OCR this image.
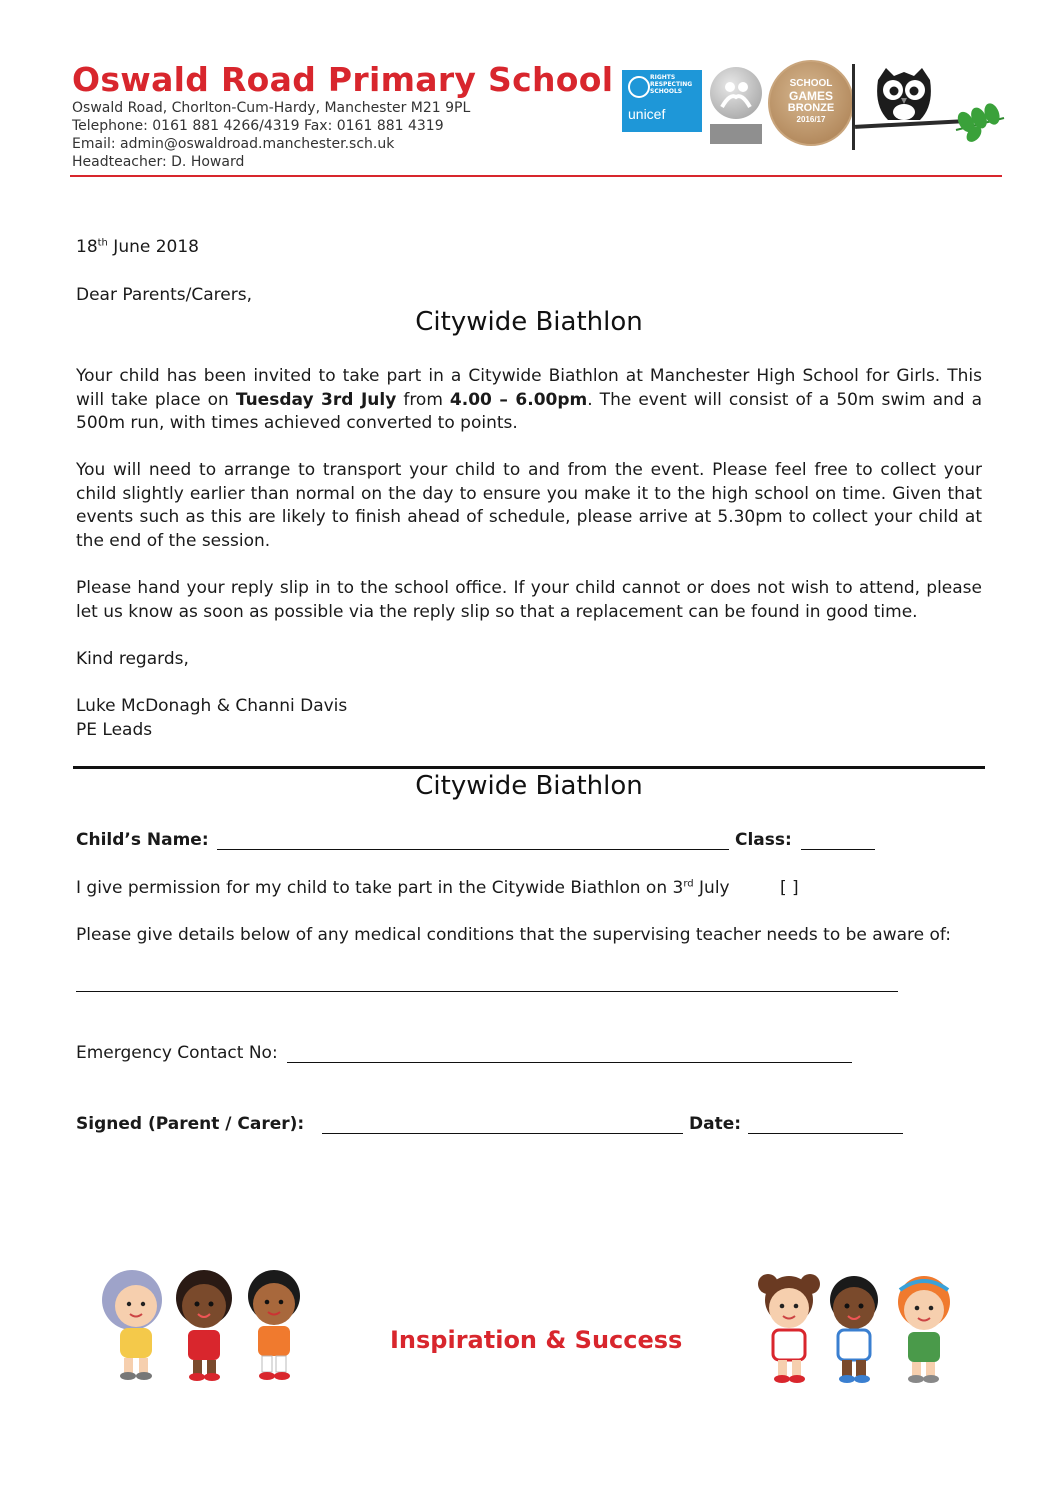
Oswald Road Primary School
Oswald Road, Chorlton-Cum-Hardy, Manchester M21 9PL
Telephone: 0161 881 4266/4319 Fax: 0161 881 4319
Email: admin@oswaldroad.manchester.sch.uk
Headteacher: D. Howard
RIGHTS RESPECTING SCHOOLS
unicef
SCHOOL
GAMES
BRONZE
2016/17
18th June 2018
Dear Parents/Carers,
Citywide Biathlon
Your child has been invited to take part in a Citywide Biathlon at Manchester High School for Girls. This will take place on Tuesday 3rd July from 4.00 – 6.00pm. The event will consist of a 50m swim and a 500m run, with times achieved converted to points.
You will need to arrange to transport your child to and from the event. Please feel free to collect your child slightly earlier than normal on the day to ensure you make it to the high school on time. Given that events such as this are likely to finish ahead of schedule, please arrive at 5.30pm to collect your child at the end of the session.
Please hand your reply slip in to the school office. If your child cannot or does not wish to attend, please let us know as soon as possible via the reply slip so that a replacement can be found in good time.
Kind regards,
Luke McDonagh & Channi Davis
PE Leads
Citywide Biathlon
Child’s Name:	Class:
I give permission for my child to take part in the Citywide Biathlon on 3rd July	[ ]
Please give details below of any medical conditions that the supervising teacher needs to be aware of:
Emergency Contact No:
Signed (Parent / Carer):	Date:
Inspiration & Success
